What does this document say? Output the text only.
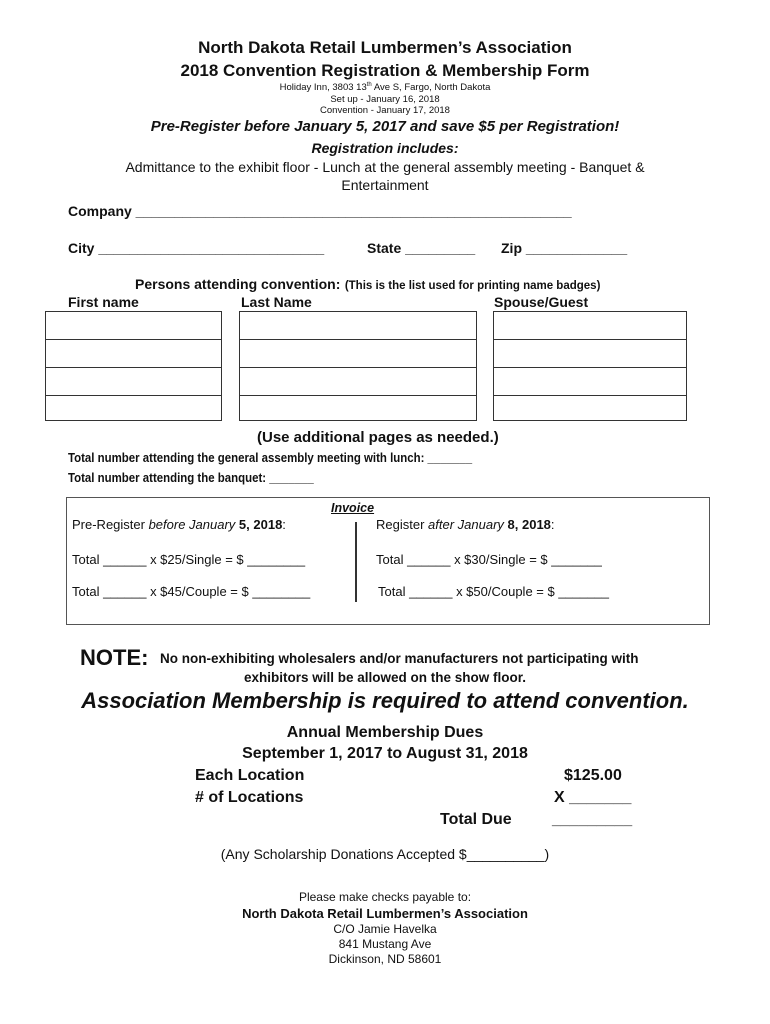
North Dakota Retail Lumbermen’s Association
2018 Convention Registration & Membership Form
Holiday Inn, 3803 13th Ave S, Fargo, North Dakota
Set up - January 16, 2018
Convention - January 17, 2018
Pre-Register before January 5, 2017 and save $5 per Registration!
Registration includes:
Admittance to the exhibit floor - Lunch at the general assembly meeting - Banquet &
Entertainment
Company ________________________________________________________
City _____________________________	State _________ Zip _____________
Persons attending convention: (This is the list used for printing name badges)
First name	Last Name	Spouse/Guest
(Use additional pages as needed.)
Total number attending the general assembly meeting with lunch: _______
Total number attending the banquet: _______
Invoice
Pre-Register before January 5, 2018:	Register after January 8, 2018:
Total ______ x $25/Single = $ ________	Total ______ x $30/Single = $ _______
Total ______ x $45/Couple = $ ________	Total ______ x $50/Couple = $ _______
NOTE: No non-exhibiting wholesalers and/or manufacturers not participating with
exhibitors will be allowed on the show floor.
Association Membership is required to attend convention.
Annual Membership Dues
September 1, 2017 to August 31, 2018
Each Location	$125.00
# of Locations	X _______
Total Due	_________
(Any Scholarship Donations Accepted $__________)
Please make checks payable to:
North Dakota Retail Lumbermen’s Association
C/O Jamie Havelka
841 Mustang Ave
Dickinson, ND 58601
